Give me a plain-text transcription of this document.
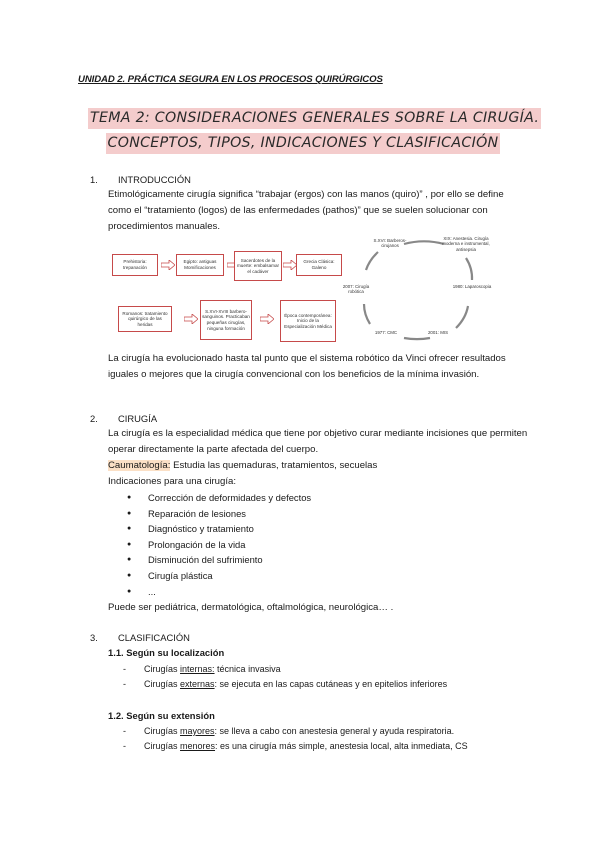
UNIDAD 2. PRÁCTICA SEGURA EN LOS PROCESOS QUIRÚRGICOS
TEMA 2: CONSIDERACIONES GENERALES SOBRE LA CIRUGÍA.
CONCEPTOS, TIPOS, INDICACIONES Y CLASIFICACIÓN
1. INTRODUCCIÓN

Etimológicamente cirugía significa “trabajar (ergos) con las manos (quiro)” , por ello se define como el “tratamiento (logos) de las enfermedades (pathos)” que se suelen solucionar con procedimientos manuales.

Prehistoria: trepanación
Egipto: antiguas Momificaciones
Sacerdotes de la muerte: embalsamar el cadáver
Grecia Clásica: Galeno
Romanos: tratamiento quirúrgico de las heridas
S.XVI-XVIII barbero-sanguinos. Practicaban pequeñas cirugías, ninguna formación
Época contemporánea: Inicio de la Especialización Médica
S.XVI: Barberos-cirujanos
XIX: Anestesia. Cirugía moderna e instrumental, antisepsia
1980: Laparoscopia
2001: MIS
1977: CMC
2007: Cirugía robótica

La cirugía ha evolucionado hasta tal punto que el sistema robótico da Vinci ofrecer resultados iguales o mejores que la cirugía convencional con los beneficios de la mínima invasión.

2. CIRUGÍA

La cirugía es la especialidad médica que tiene por objetivo curar mediante incisiones que permiten operar directamente la parte afectada del cuerpo.

Caumatología: Estudia las quemaduras, tratamientos, secuelas

Indicaciones para una cirugía:

● Corrección de deformidades y defectos
● Reparación de lesiones
● Diagnóstico y tratamiento
● Prolongación de la vida
● Disminución del sufrimiento
● Cirugía plástica
● ...

Puede ser pediátrica, dermatológica, oftalmológica, neurológica… .

3. CLASIFICACIÓN
1.1. Según su localización
- Cirugías internas: técnica invasiva
- Cirugías externas: se ejecuta en las capas cutáneas y en epitelios inferiores
1.2. Según su extensión
- Cirugías mayores: se lleva a cabo con anestesia general y ayuda respiratoria.
- Cirugías menores: es una cirugía más simple, anestesia local, alta inmediata, CS
